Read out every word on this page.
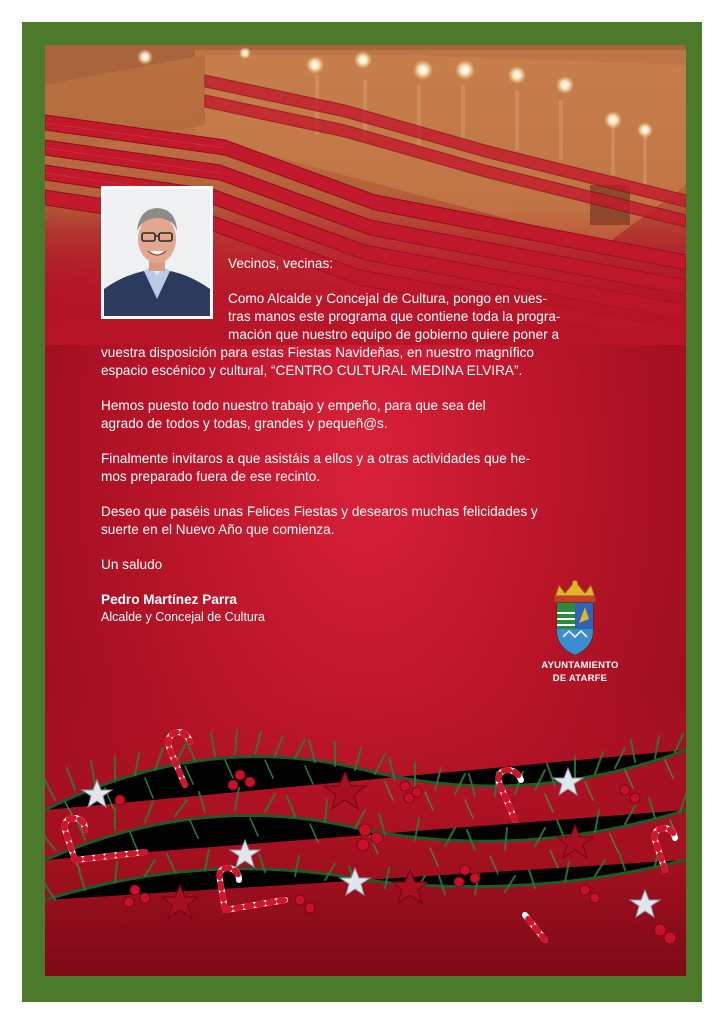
Vecinos, vecinas:
Como Alcalde y Concejal de Cultura, pongo en vues-
tras manos este programa que contiene toda la progra-
mación que nuestro equipo de gobierno quiere poner a
vuestra disposición para estas Fiestas Navideñas, en nuestro magnífico
espacio escénico y cultural, “CENTRO CULTURAL MEDINA ELVIRA”.
Hemos puesto todo nuestro trabajo y empeño, para que sea del
agrado de todos y todas, grandes y pequeñ@s.
Finalmente invitaros a que asistáis a ellos y a otras actividades que he-
mos preparado fuera de ese recinto.
Deseo que paséis unas Felices Fiestas y desearos muchas felicidades y
suerte en el Nuevo Año que comienza.
Un saludo
Pedro Martínez Parra
Alcalde y Concejal de Cultura
AYUNTAMIENTO
DE ATARFE
